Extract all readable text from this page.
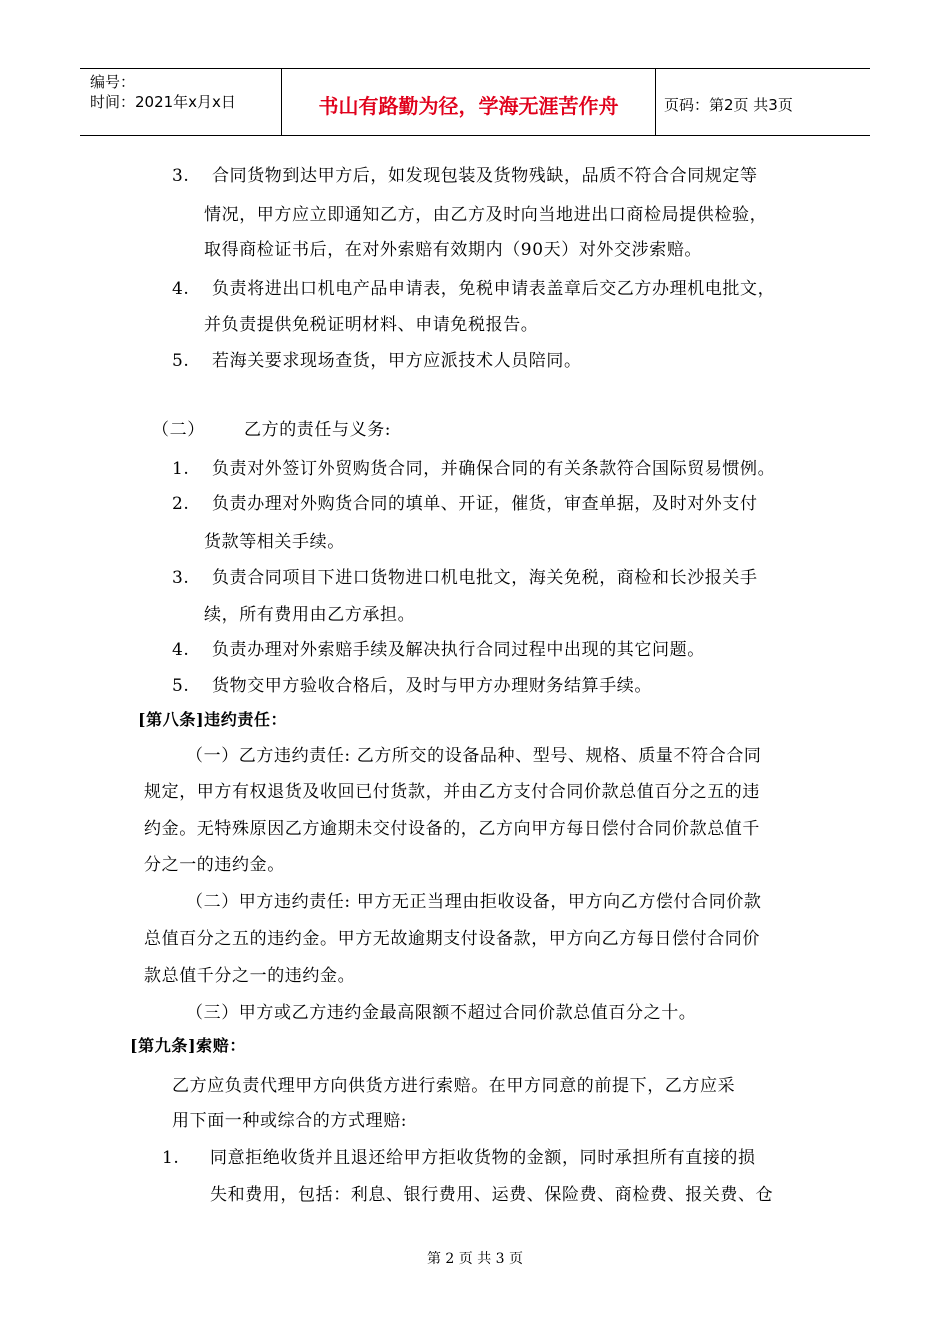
编号：
时间：2021年x月x日	书山有路勤为径，学海无涯苦作舟	页码：第2页 共3页
3. 合同货物到达甲方后，如发现包装及货物残缺，品质不符合合同规定等
情况，甲方应立即通知乙方，由乙方及时向当地进出口商检局提供检验，
取得商检证书后，在对外索赔有效期内（90天）对外交涉索赔。
4. 负责将进出口机电产品申请表，免税申请表盖章后交乙方办理机电批文，
并负责提供免税证明材料、申请免税报告。
5. 若海关要求现场查货，甲方应派技术人员陪同。
（二） 乙方的责任与义务:
1. 负责对外签订外贸购货合同，并确保合同的有关条款符合国际贸易惯例。
2. 负责办理对外购货合同的填单、开证，催货，审查单据，及时对外支付
货款等相关手续。
3. 负责合同项目下进口货物进口机电批文，海关免税，商检和长沙报关手
续，所有费用由乙方承担。
4. 负责办理对外索赔手续及解决执行合同过程中出现的其它问题。
5. 货物交甲方验收合格后，及时与甲方办理财务结算手续。
[第八条]违约责任：
（一）乙方违约责任: 乙方所交的设备品种、型号、规格、质量不符合合同
规定，甲方有权退货及收回已付货款，并由乙方支付合同价款总值百分之五的违
约金。无特殊原因乙方逾期未交付设备的，乙方向甲方每日偿付合同价款总值千
分之一的违约金。
（二）甲方违约责任: 甲方无正当理由拒收设备，甲方向乙方偿付合同价款
总值百分之五的违约金。甲方无故逾期支付设备款，甲方向乙方每日偿付合同价
款总值千分之一的违约金。
（三）甲方或乙方违约金最高限额不超过合同价款总值百分之十。
[第九条]索赔：
乙方应负责代理甲方向供货方进行索赔。在甲方同意的前提下，乙方应采
用下面一种或综合的方式理赔:
1. 同意拒绝收货并且退还给甲方拒收货物的金额，同时承担所有直接的损
失和费用，包括：利息、银行费用、运费、保险费、商检费、报关费、仓
第 2 页 共 3 页
